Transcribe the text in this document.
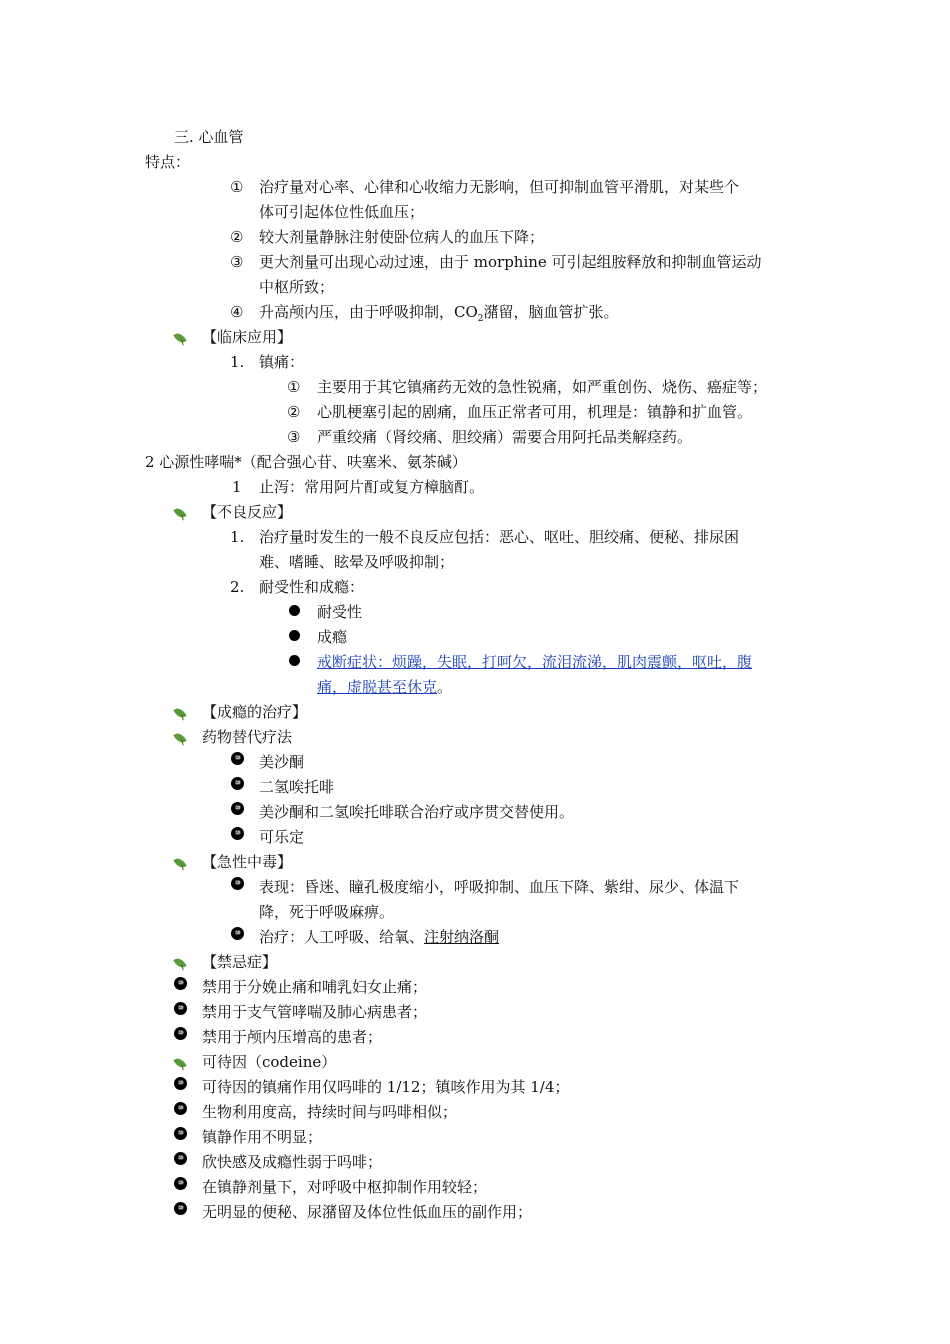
三. 心血管
特点：
① 治疗量对心率、心律和心收缩力无影响，但可抑制血管平滑肌，对某些个
体可引起体位性低血压；
② 较大剂量静脉注射使卧位病人的血压下降；
③ 更大剂量可出现心动过速，由于 morphine 可引起组胺释放和抑制血管运动
中枢所致；
④ 升高颅内压，由于呼吸抑制，$CO_2$潴留，脑血管扩张。
【临床应用】
1. 镇痛：
① 主要用于其它镇痛药无效的急性锐痛，如严重创伤、烧伤、癌症等；
② 心肌梗塞引起的剧痛，血压正常者可用，机理是：镇静和扩血管。
③ 严重绞痛（肾绞痛、胆绞痛）需要合用阿托品类解痉药。
2 心源性哮喘*（配合强心苷、呋塞米、氨茶碱）
1 止泻：常用阿片酊或复方樟脑酊。
【不良反应】
1. 治疗量时发生的一般不良反应包括：恶心、呕吐、胆绞痛、便秘、排尿困
难、嗜睡、眩晕及呼吸抑制；
2. 耐受性和成瘾：
耐受性
成瘾
戒断症状：烦躁，失眠，打呵欠，流泪流涕，肌肉震颤，呕吐，腹
痛，虚脱甚至休克。
【成瘾的治疗】
药物替代疗法
⑩ 美沙酮
⑩ 二氢唉托啡
⑩ 美沙酮和二氢唉托啡联合治疗或序贯交替使用。
⑩ 可乐定
【急性中毒】
⑩ 表现：昏迷、瞳孔极度缩小，呼吸抑制、血压下降、紫绀、尿少、体温下
降，死于呼吸麻痹。
⑩ 治疗：人工呼吸、给氧、注射纳洛酮
【禁忌症】
⑩ 禁用于分娩止痛和哺乳妇女止痛；
⑩ 禁用于支气管哮喘及肺心病患者；
⑩ 禁用于颅内压增高的患者；
可待因（codeine）
⑩ 可待因的镇痛作用仅吗啡的 1/12；镇咳作用为其 1/4；
⑩ 生物利用度高，持续时间与吗啡相似；
⑩ 镇静作用不明显；
⑩ 欣快感及成瘾性弱于吗啡；
⑩ 在镇静剂量下，对呼吸中枢抑制作用较轻；
⑩ 无明显的便秘、尿潴留及体位性低血压的副作用；
